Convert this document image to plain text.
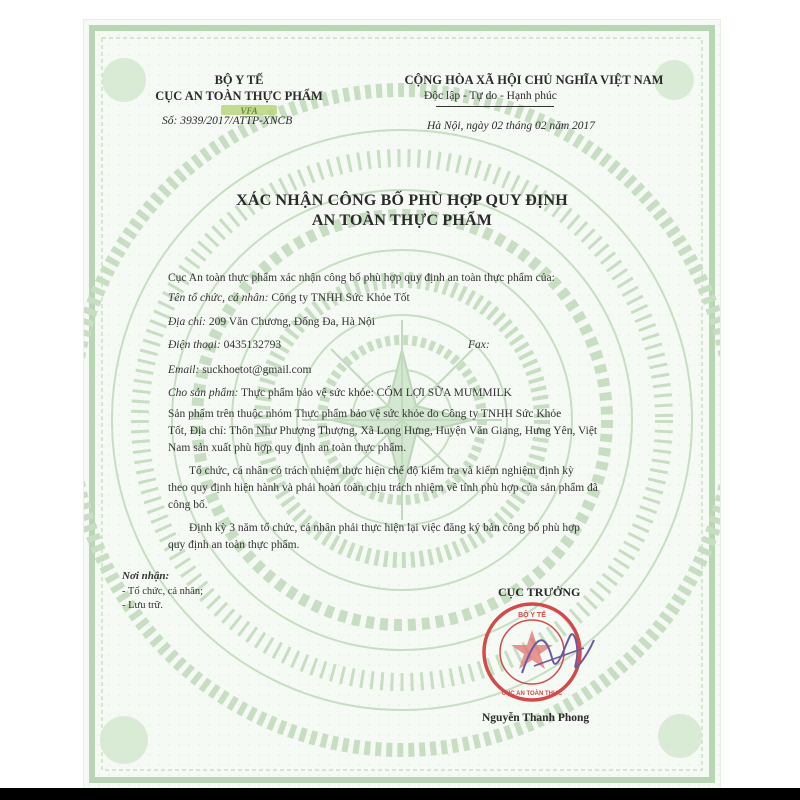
BỘ Y TẾ
CỤC AN TOÀN THỰC PHẨM
VFA
Số: 3939/2017/ATTP-XNCB
CỘNG HÒA XÃ HỘI CHỦ NGHĨA VIỆT NAM
Độc lập - Tự do - Hạnh phúc
Hà Nội, ngày 02 tháng 02 năm 2017
XÁC NHẬN CÔNG BỐ PHÙ HỢP QUY ĐỊNH
AN TOÀN THỰC PHẨM
Cục An toàn thực phẩm xác nhận công bố phù hợp quy định an toàn thực phẩm của:
Tên tổ chức, cá nhân: Công ty TNHH Sức Khỏe Tốt
Địa chỉ: 209 Văn Chương, Đống Đa, Hà Nội
Điện thoại: 0435132793	Fax:
Email: suckhoetot@gmail.com
Cho sản phẩm: Thực phẩm bảo vệ sức khỏe: CỐM LỢI SỮA MUMMILK
Sản phẩm trên thuộc nhóm Thực phẩm bảo vệ sức khỏe do Công ty TNHH Sức Khỏe
Tốt, Địa chỉ: Thôn Như Phượng Thượng, Xã Long Hưng, Huyện Văn Giang, Hưng Yên, Việt
Nam sản xuất phù hợp quy định an toàn thực phẩm.
Tổ chức, cá nhân có trách nhiệm thực hiện chế độ kiểm tra và kiểm nghiệm định kỳ
theo quy định hiện hành và phải hoàn toàn chịu trách nhiệm về tính phù hợp của sản phẩm đã
công bố.
Định kỳ 3 năm tổ chức, cá nhân phải thực hiện lại việc đăng ký bản công bố phù hợp
quy định an toàn thực phẩm.
Nơi nhận:
- Tổ chức, cá nhân;
- Lưu trữ.
CỤC TRƯỞNG
BỘ Y TẾ
CỤC AN TOÀN THỰC
Nguyễn Thanh Phong
